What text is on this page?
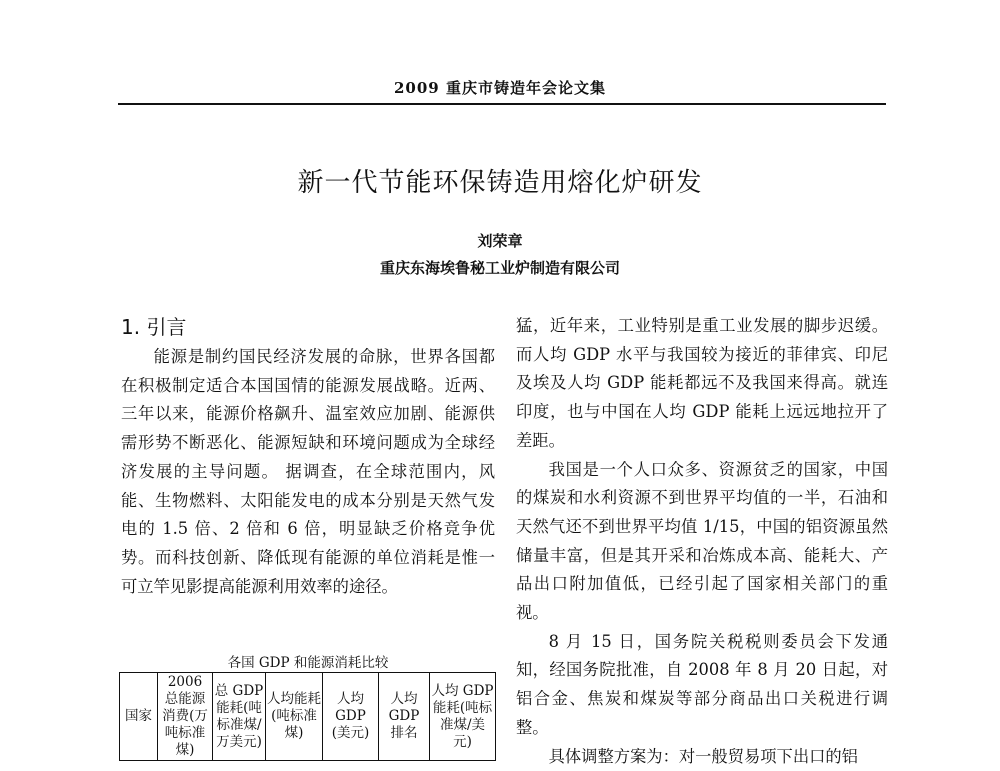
2009 重庆市铸造年会论文集
新一代节能环保铸造用熔化炉研发
刘荣章
重庆东海埃鲁秘工业炉制造有限公司
1. 引言

能源是制约国民经济发展的命脉，世界各国都在积极制定适合本国国情的能源发展战略。近两、三年以来，能源价格飙升、温室效应加剧、能源供需形势不断恶化、能源短缺和环境问题成为全球经济发展的主导问题。 据调查，在全球范围内，风能、生物燃料、太阳能发电的成本分别是天然气发电的 1.5 倍、2 倍和 6 倍，明显缺乏价格竞争优势。而科技创新、降低现有能源的单位消耗是惟一可立竿见影提高能源利用效率的途径。

猛，近年来，工业特别是重工业发展的脚步迟缓。而人均 GDP 水平与我国较为接近的菲律宾、印尼及埃及人均 GDP 能耗都远不及我国来得高。就连印度，也与中国在人均 GDP 能耗上远远地拉开了差距。

我国是一个人口众多、资源贫乏的国家，中国的煤炭和水利资源不到世界平均值的一半，石油和天然气还不到世界平均值 1/15，中国的铝资源虽然储量丰富，但是其开采和冶炼成本高、能耗大、产品出口附加值低，已经引起了国家相关部门的重视。

8 月 15 日，国务院关税税则委员会下发通知，经国务院批准，自 2008 年 8 月 20 日起，对铝合金、焦炭和煤炭等部分商品出口关税进行调整。

具体调整方案为：对一般贸易项下出口的铝

各国 GDP 和能源消耗比较
国家	2006 总能源消费(万吨标准煤)	总 GDP 能耗(吨标准煤/万美元)	人均能耗(吨标准煤)	人均 GDP (美元)	人均 GDP 排名	人均 GDP 能耗(吨标准煤/美元)
